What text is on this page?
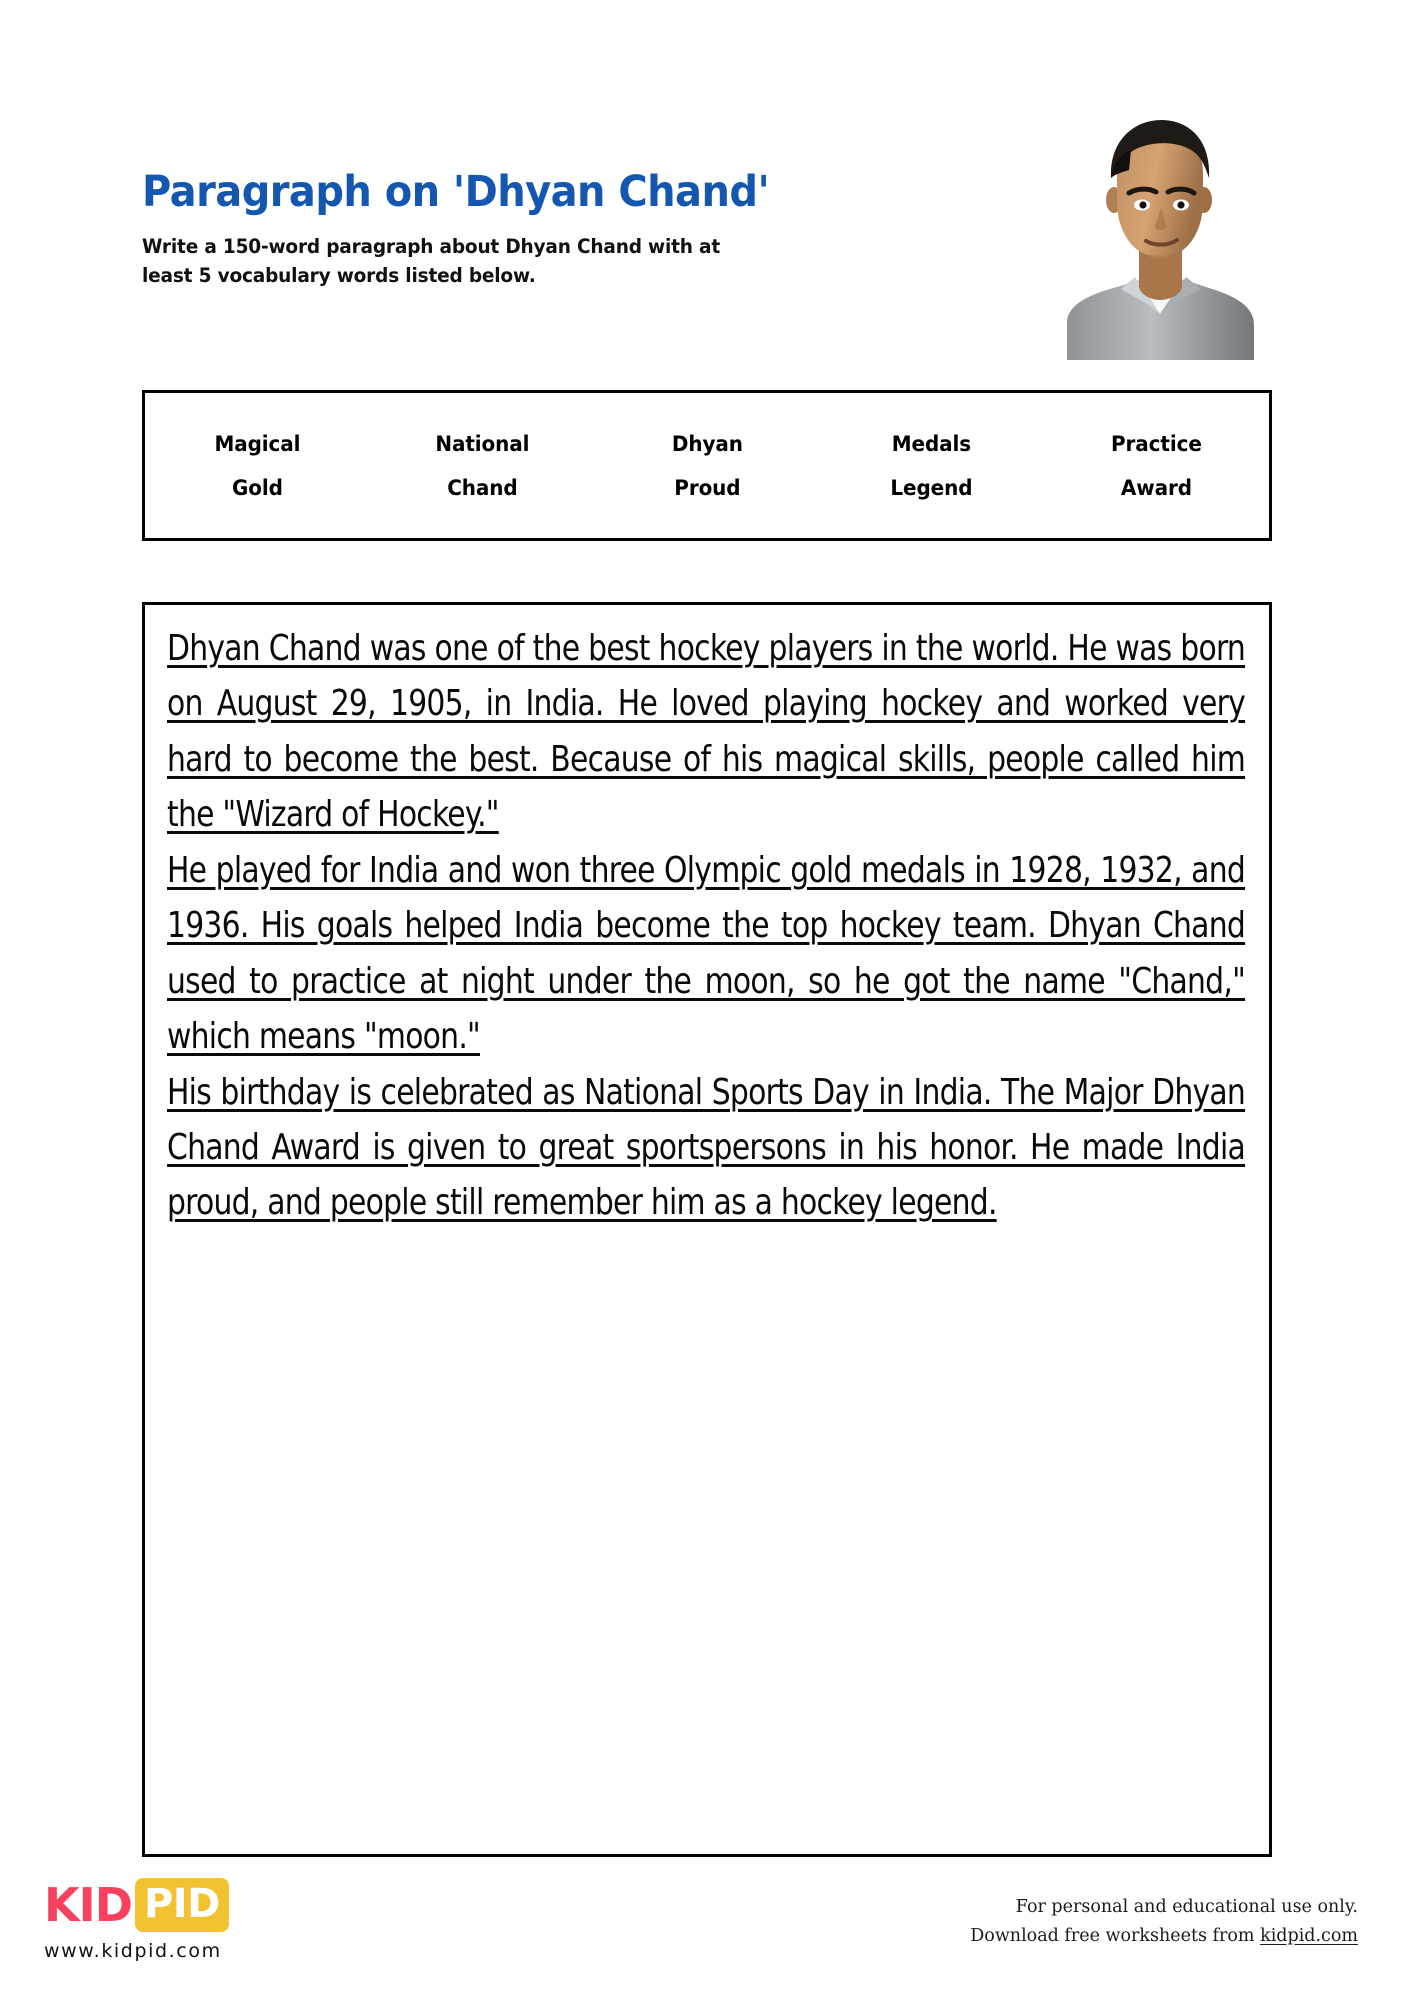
Paragraph on 'Dhyan Chand'
Write a 150-word paragraph about Dhyan Chand with at least 5 vocabulary words listed below.
Magical	National	Dhyan	Medals	Practice
Gold	Chand	Proud	Legend	Award
Dhyan Chand was one of the best hockey players in the world. He was born on August 29, 1905, in India. He loved playing hockey and worked very hard to become the best. Because of his magical skills, people called him the "Wizard of Hockey."
He played for India and won three Olympic gold medals in 1928, 1932, and 1936. His goals helped India become the top hockey team. Dhyan Chand used to practice at night under the moon, so he got the name "Chand," which means "moon."
His birthday is celebrated as National Sports Day in India. The Major Dhyan Chand Award is given to great sportspersons in his honor. He made India proud, and people still remember him as a hockey legend.
KID PID
www.kidpid.com
For personal and educational use only.
Download free worksheets from kidpid.com
